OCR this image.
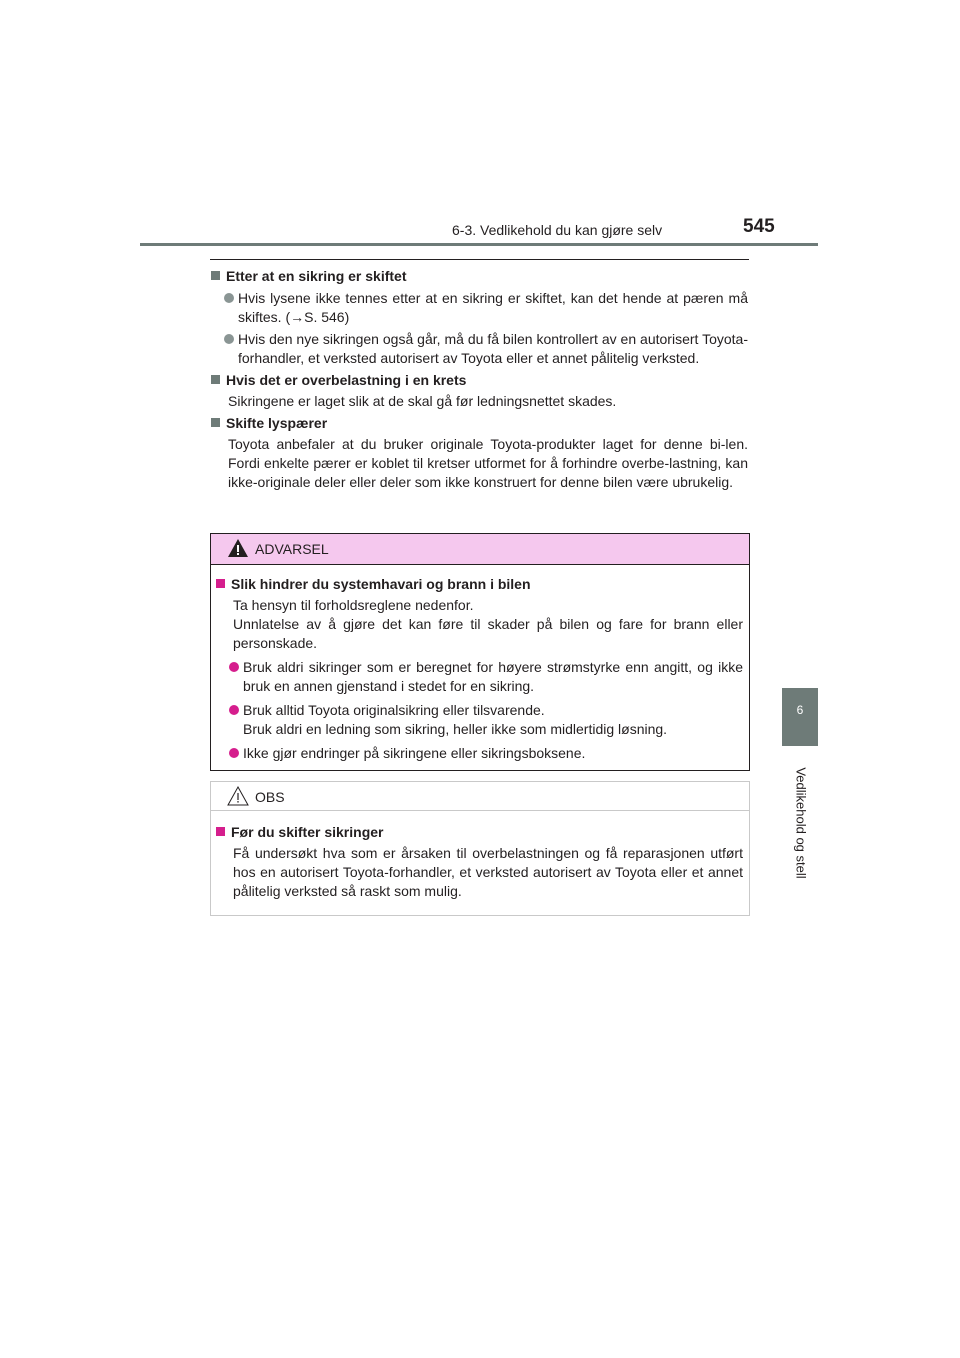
6-3. Vedlikehold du kan gjøre selv	545
6
Vedlikehold og stell
Etter at en sikring er skiftet
Hvis lysene ikke tennes etter at en sikring er skiftet, kan det hende at pæren må skiftes. (→S. 546)
Hvis den nye sikringen også går, må du få bilen kontrollert av en autorisert Toyota-forhandler, et verksted autorisert av Toyota eller et annet pålitelig verksted.
Hvis det er overbelastning i en krets
Sikringene er laget slik at de skal gå før ledningsnettet skades.
Skifte lyspærer
Toyota anbefaler at du bruker originale Toyota-produkter laget for denne bi-len. Fordi enkelte pærer er koblet til kretser utformet for å forhindre overbe-lastning, kan ikke-originale deler eller deler som ikke konstruert for denne bilen være ubrukelig.
ADVARSEL
Slik hindrer du systemhavari og brann i bilen
Ta hensyn til forholdsreglene nedenfor.
Unnlatelse av å gjøre det kan føre til skader på bilen og fare for brann eller personskade.
Bruk aldri sikringer som er beregnet for høyere strømstyrke enn angitt, og ikke bruk en annen gjenstand i stedet for en sikring.
Bruk alltid Toyota originalsikring eller tilsvarende.
Bruk aldri en ledning som sikring, heller ikke som midlertidig løsning.
Ikke gjør endringer på sikringene eller sikringsboksene.
OBS
Før du skifter sikringer
Få undersøkt hva som er årsaken til overbelastningen og få reparasjonen utført hos en autorisert Toyota-forhandler, et verksted autorisert av Toyota eller et annet pålitelig verksted så raskt som mulig.
